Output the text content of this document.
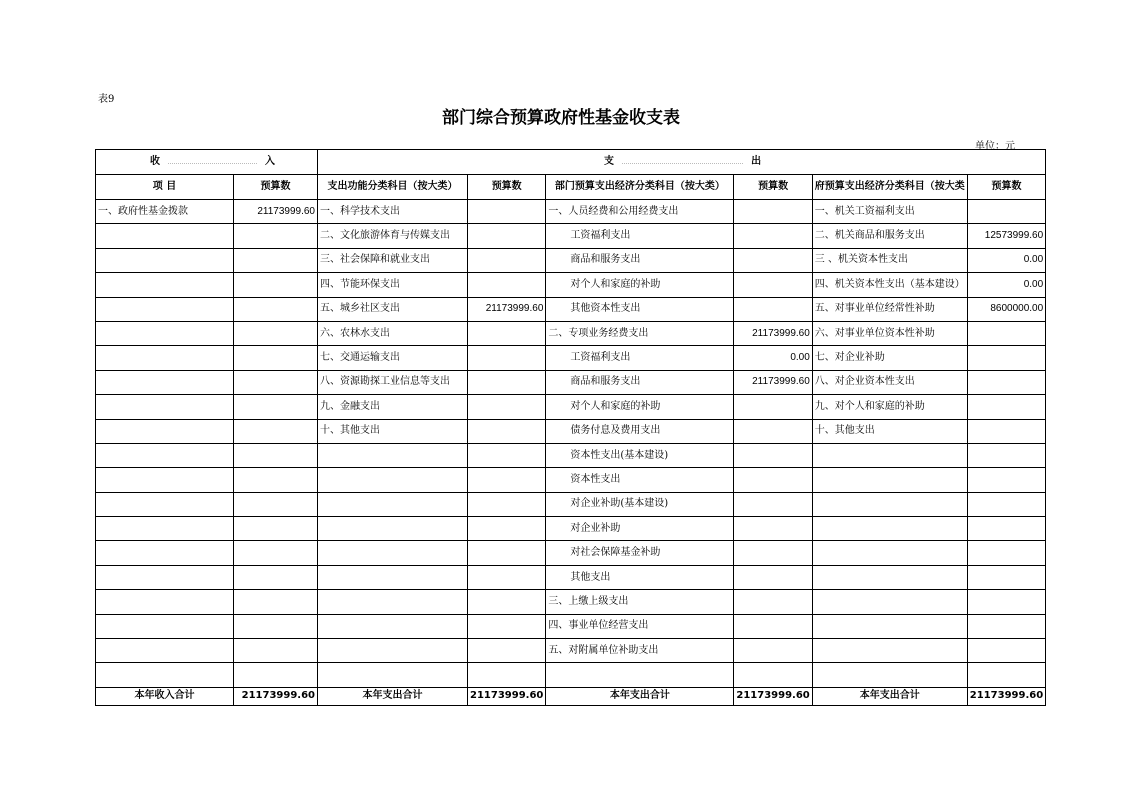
表9
部门综合预算政府性基金收支表
单位：元
收 入		支 出					

项 目	预算数	支出功能分类科目（按大类）	预算数	部门预算支出经济分类科目（按大类）	预算数	府预算支出经济分类科目（按大类	预算数
一、政府性基金拨款	21173999.60	一、科学技术支出		一、人员经费和公用经费支出		一、机关工资福利支出	
		二、文化旅游体育与传媒支出		工资福利支出		二、机关商品和服务支出	12573999.60
		三、社会保障和就业支出		商品和服务支出		三 、机关资本性支出	0.00
		四、节能环保支出		对个人和家庭的补助		四、机关资本性支出（基本建设）	0.00
		五、城乡社区支出	21173999.60	其他资本性支出		五、对事业单位经常性补助	8600000.00
		六、农林水支出		二、专项业务经费支出	21173999.60	六、对事业单位资本性补助	
		七、交通运输支出		工资福利支出	0.00	七、对企业补助	
		八、资源勘探工业信息等支出		商品和服务支出	21173999.60	八、对企业资本性支出	
		九、金融支出		对个人和家庭的补助		九、对个人和家庭的补助	
		十、其他支出		债务付息及费用支出		十、其他支出	
				资本性支出(基本建设)			
				资本性支出			
				对企业补助(基本建设)			
				对企业补助			
				对社会保障基金补助			
				其他支出			
				三、上缴上级支出			
				四、事业单位经营支出			
				五、对附属单位补助支出			

本年收入合计	21173999.60	本年支出合计	21173999.60	本年支出合计	21173999.60	本年支出合计	21173999.60
